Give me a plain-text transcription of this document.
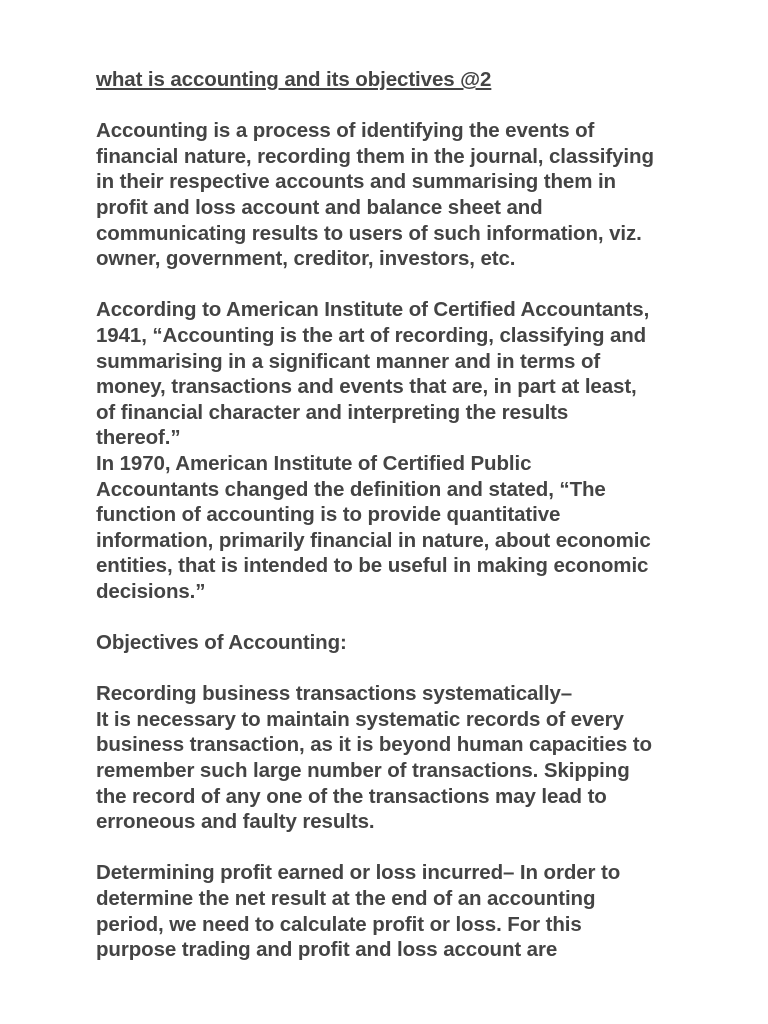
what is accounting and its objectives @2
Accounting is a process of identifying the events of
financial nature, recording them in the journal, classifying
in their respective accounts and summarising them in
profit and loss account and balance sheet and
communicating results to users of such information, viz.
owner, government, creditor, investors, etc.
According to American Institute of Certified Accountants,
1941, “Accounting is the art of recording, classifying and
summarising in a significant manner and in terms of
money, transactions and events that are, in part at least,
of financial character and interpreting the results
thereof.”
In 1970, American Institute of Certified Public
Accountants changed the definition and stated, “The
function of accounting is to provide quantitative
information, primarily financial in nature, about economic
entities, that is intended to be useful in making economic
decisions.”
Objectives of Accounting:
Recording business transactions systematically–
It is necessary to maintain systematic records of every
business transaction, as it is beyond human capacities to
remember such large number of transactions. Skipping
the record of any one of the transactions may lead to
erroneous and faulty results.
Determining profit earned or loss incurred– In order to
determine the net result at the end of an accounting
period, we need to calculate profit or loss. For this
purpose trading and profit and loss account are
